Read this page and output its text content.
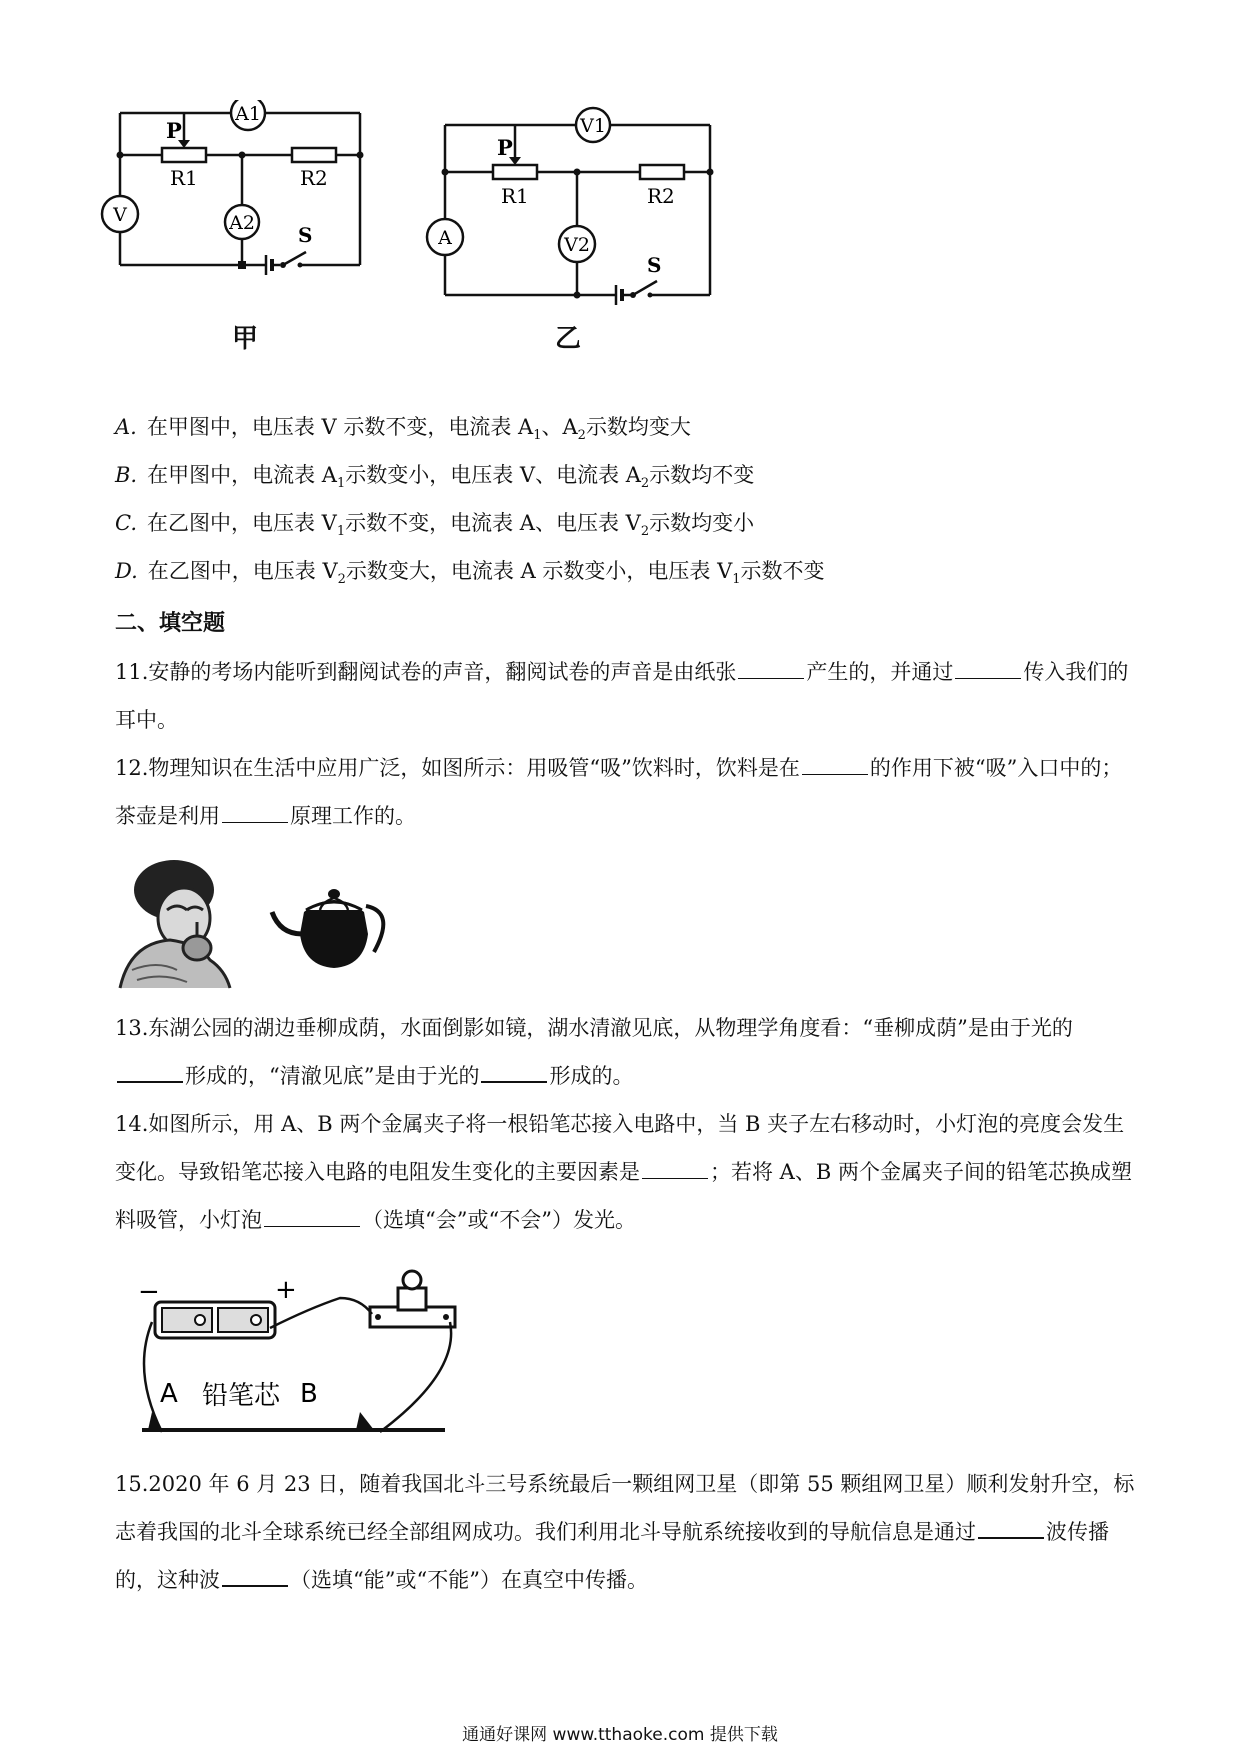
A1
V	A2
P
R1	R2
S
甲
V1
A	V2
P
R1	R2
S
乙
A. 在甲图中，电压表 V 示数不变，电流表 $A_1$、$A_2$示数均变大
B. 在甲图中，电流表 $A_1$示数变小，电压表 V、电流表 $A_2$示数均不变
C. 在乙图中，电压表 $V_1$示数不变，电流表 A、电压表 $V_2$示数均变小
D. 在乙图中，电压表 $V_2$示数变大，电流表 A 示数变小，电压表 $V_1$示数不变
二、填空题
11.安静的考场内能听到翻阅试卷的声音，翻阅试卷的声音是由纸张	产生的，并通过	传入我们的耳中。
12.物理知识在生活中应用广泛，如图所示：用吸管“吸”饮料时，饮料是在	的作用下被“吸”入口中的；茶壶是利用	原理工作的。
13.东湖公园的湖边垂柳成荫，水面倒影如镜，湖水清澈见底，从物理学角度看：“垂柳成荫”是由于光的形成的，“清澈见底”是由于光的	形成的。
14.如图所示，用 A、B 两个金属夹子将一根铅笔芯接入电路中，当 B 夹子左右移动时，小灯泡的亮度会发生变化。导致铅笔芯接入电路的电阻发生变化的主要因素是	；若将 A、B 两个金属夹子间的铅笔芯换成塑料吸管，小灯泡	（选填“会”或“不会”）发光。
−	+
A 铅笔芯 B
15.2020 年 6 月 23 日，随着我国北斗三号系统最后一颗组网卫星（即第 55 颗组网卫星）顺利发射升空，标志着我国的北斗全球系统已经全部组网成功。我们利用北斗导航系统接收到的导航信息是通过	波传播的，这种波	（选填“能”或“不能”）在真空中传播。
通通好课网 www.tthaoke.com 提供下载
